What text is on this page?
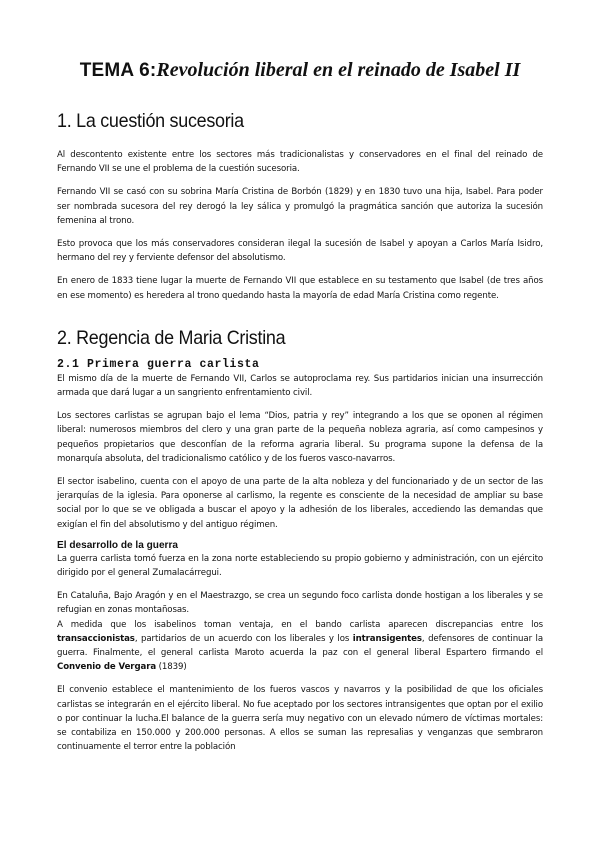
TEMA 6:Revolución liberal en el reinado de Isabel II
1. La cuestión sucesoria

Al descontento existente entre los sectores más tradicionalistas y conservadores en el final del reinado de Fernando VII se une el problema de la cuestión sucesoria.

Fernando VII se casó con su sobrina María Cristina de Borbón (1829) y en 1830 tuvo una hija, Isabel. Para poder ser nombrada sucesora del rey derogó la ley sálica y promulgó la pragmática sanción que autoriza la sucesión femenina al trono.

Esto provoca que los más conservadores consideran ilegal la sucesión de Isabel y apoyan a Carlos María Isidro, hermano del rey y ferviente defensor del absolutismo.

En enero de 1833 tiene lugar la muerte de Fernando VII que establece en su testamento que Isabel (de tres años en ese momento) es heredera al trono quedando hasta la mayoría de edad María Cristina como regente.

2. Regencia de Maria Cristina
2.1 Primera guerra carlista

El mismo día de la muerte de Fernando VII, Carlos se autoproclama rey. Sus partidarios inician una insurrección armada que dará lugar a un sangriento enfrentamiento civil.

Los sectores carlistas se agrupan bajo el lema “Dios, patria y rey” integrando a los que se oponen al régimen liberal: numerosos miembros del clero y una gran parte de la pequeña nobleza agraria, así como campesinos y pequeños propietarios que desconfían de la reforma agraria liberal. Su programa supone la defensa de la monarquía absoluta, del tradicionalismo católico y de los fueros vasco-navarros.

El sector isabelino, cuenta con el apoyo de una parte de la alta nobleza y del funcionariado y de un sector de las jerarquías de la iglesia. Para oponerse al carlismo, la regente es consciente de la necesidad de ampliar su base social por lo que se ve obligada a buscar el apoyo y la adhesión de los liberales, accediendo las demandas que exigían el fin del absolutismo y del antiguo régimen.

El desarrollo de la guerra

La guerra carlista tomó fuerza en la zona norte estableciendo su propio gobierno y administración, con un ejército dirigido por el general Zumalacárregui.

En Cataluña, Bajo Aragón y en el Maestrazgo, se crea un segundo foco carlista donde hostigan a los liberales y se refugian en zonas montañosas.

A medida que los isabelinos toman ventaja, en el bando carlista aparecen discrepancias entre los transaccionistas, partidarios de un acuerdo con los liberales y los intransigentes, defensores de continuar la guerra. Finalmente, el general carlista Maroto acuerda la paz con el general liberal Espartero firmando el Convenio de Vergara (1839)

El convenio establece el mantenimiento de los fueros vascos y navarros y la posibilidad de que los oficiales carlistas se integrarán en el ejército liberal. No fue aceptado por los sectores intransigentes que optan por el exilio o por continuar la lucha.El balance de la guerra sería muy negativo con un elevado número de víctimas mortales: se contabiliza en 150.000 y 200.000 personas. A ellos se suman las represalias y venganzas que sembraron continuamente el terror entre la población
